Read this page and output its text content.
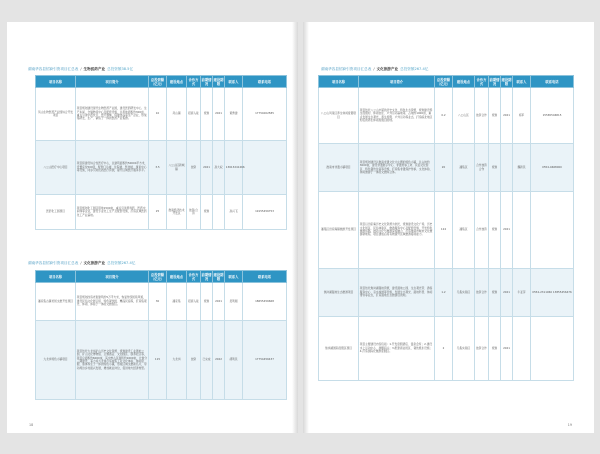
湖南华容县招商引资项目汇总表 / 生物医药产业 总投资额38.5亿
项目名称	项目简介	总投资额（亿元）	建设地点	合作方式	前期情况	建设期限	联系人	联系电话
凤山生物医药产业园综合开发项目	项目规划建设现代生物医药产业园，建设医药研发中心、生产车间、仓储物流中心及配套设施，总用地面积约300亩，重点引进中药饮片、医疗器械、保健食品等生产企业，形成集研发、生产、销售于一体的医药产业集群。	10	凤山镇	招商入驻	规划	2021	黄勇建	17754002585
八公山医疗中心项目	项目拟建设综合性医疗中心，总建筑面积约50000平方米，设置床位500张，配套门诊楼、住院楼、医技楼、康复中心等设施，同步引进优质医疗资源，提升区域医疗服务水平。	3.5	八公山区新城镇	独资	2021	孙大权	13613241266	
医药化工园项目	项目规划化工园区用地1500亩，重点引进原料药、医药中间体等企业，建设专业化工生产及配套设施，打造区域医药化工产业基地。	25	淮南经济技术开发区	独资/合资	规划		孙兴飞	19155456753
湖南华容县招商引资项目汇总表 / 文化旅游产业 总投资额267.4亿
项目名称	项目简介	总投资额（亿元）	建设地点	合作方式	前期情况	建设期限	联系人	联系电话
潘家集古镇老街文旅开发项目	项目规划改造老街建筑约5万平方米，恢复传统街巷风貌，建设民俗文化展示馆、特色餐饮街、精品民宿等，打造集观光、休闲、体验于一体的文旅街区。	30	潘家集	招商入驻	规划	2021	吴利刚	18655456668
九龙岗特色小镇项目	项目依托九龙岗矿山历史文化资源，规划建设工业遗址公园、矿山文化博物馆、主题酒店、文创园区、康养社区等，项目总面积约6000亩，其中核心区面积约1600亩，计划分三期建设，着力将九龙岗打造成集工业文化体验、休闲度假、康体养生于一体的特色小镇，形成区域文旅新名片，带动周边乡村振兴发展，增加就业岗位，促进地方经济转型。	115	九龙岗	独资	已完成	2022	胡利民	17754456437
18
湖南华容县招商引资项目汇总表 / 文化旅游产业 总投资额267.4亿
项目名称	项目简介	总投资额（亿元）	建设地点	合作方式	前期情况	建设期限	联系人	联系电话
八公山风景区养生休闲度假项目	项目依托八公山丰富的历史文化、特色生态资源，规划建设养生度假村、休闲农庄、户外运动基地等，占地约1000亩，重点发展生态观光、养生度假、户外运动等业态，打造皖北地区知名的养生休闲度假目的地。	0.2	八公山区	独资合作	规划	2021	杨军	15565546815
淮南市非遗小镇项目	项目规划建设以淮南非遗文化为主题的特色小镇，总占地约3000亩，建设非遗展示中心、非遗传承工坊、民俗文化街区、特色餐饮住宿等设施，打造集非遗保护传承、文化体验、休闲旅游于一体的文旅综合体。	20	潘集区	合作独资合作	规划		魏新民	0554-4668000
潘集区田家庵镇旅游开发项目	项目以田家庵历史文化资源为依托，规划建设文化广场、历史文化街区、民俗体验区、旅游服务中心及配套设施，开发特色旅游线路，推动文化与旅游深度融合，打造淮南市城市文化旅游新地标，项目建成后将有效提升区域旅游接待能力。	124	潘集区	合作独资	规划	2021		
焦岗湖湿地生态旅游项目	项目依托焦岗湖湿地资源，建设湿地公园、生态观光带、游客服务中心、亲水栈道等设施，发展生态观光、湿地科普、休闲垂钓等业态，打造湿地生态旅游目的地。	1.2	毛集实验区	独资合作	规划	2021	牛亚萍	0554-2311960 13855456476
焦岗湖国际度假区项目	项目主要建设内容包括：1.开发度假酒店、温泉会所；2.建设水上运动中心、游艇码头；3.配套商业街区、餐饮娱乐设施；4.打造国际化旅游度假区。	2	毛集实验区	独资合作	规划	2021		
19
